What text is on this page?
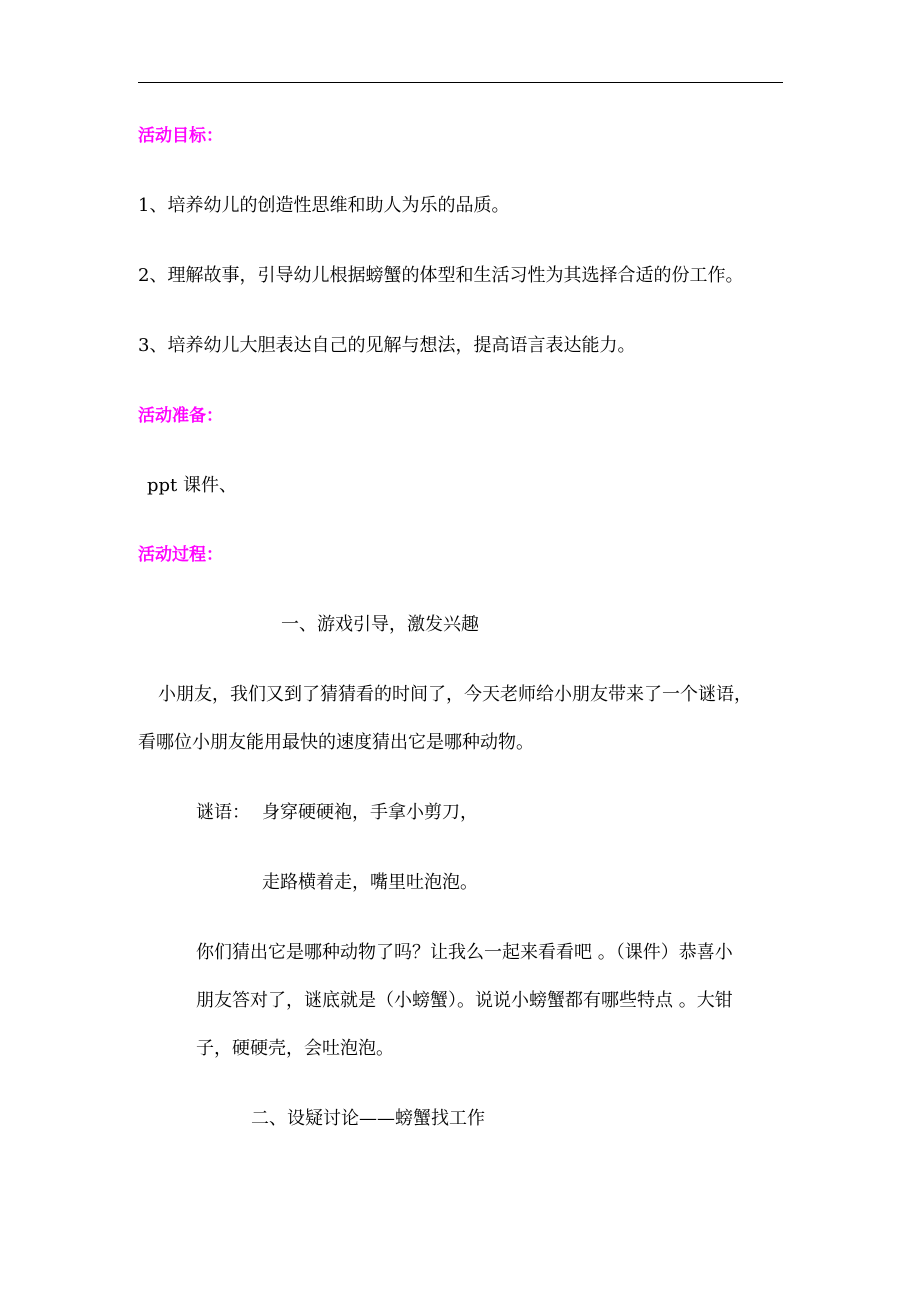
活动目标：
1、培养幼儿的创造性思维和助人为乐的品质。
2、理解故事，引导幼儿根据螃蟹的体型和生活习性为其选择合适的份工作。
3、培养幼儿大胆表达自己的见解与想法，提高语言表达能力。
活动准备：
ppt 课件、
活动过程：
一、游戏引导，激发兴趣
小朋友，我们又到了猜猜看的时间了，今天老师给小朋友带来了一个谜语，
看哪位小朋友能用最快的速度猜出它是哪种动物。
谜语： 身穿硬硬袍，手拿小剪刀，
走路横着走，嘴里吐泡泡。
你们猜出它是哪种动物了吗？让我么一起来看看吧 。（课件）恭喜小
朋友答对了，谜底就是（小螃蟹）。说说小螃蟹都有哪些特点 。大钳
子，硬硬壳，会吐泡泡。
二、设疑讨论——螃蟹找工作
